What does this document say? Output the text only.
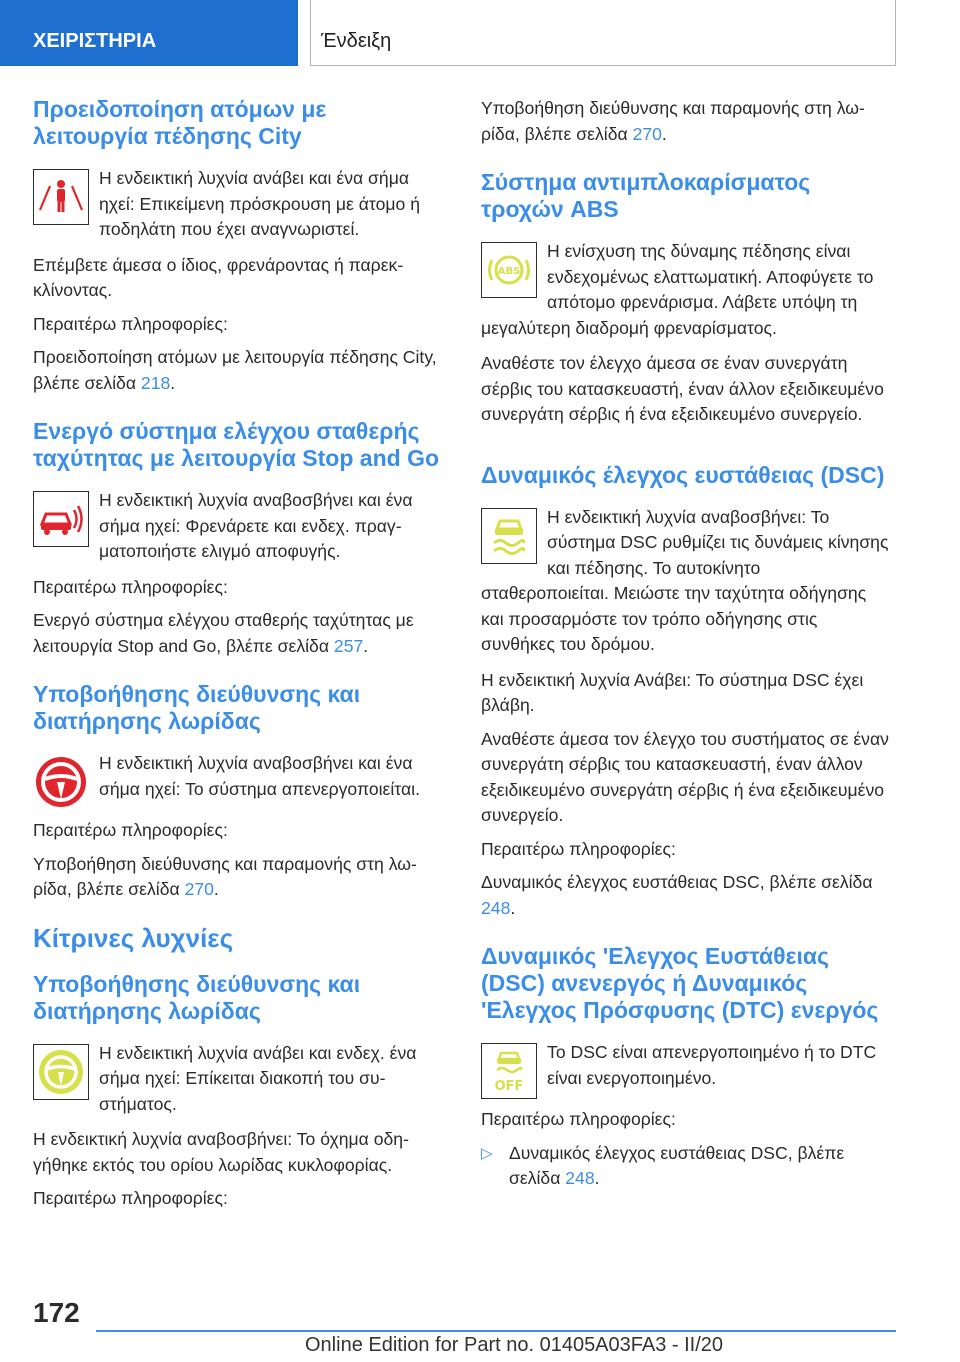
ΧΕΙΡΙΣΤΗΡΙΑ	Ένδειξη
Προειδοποίηση ατόμων με λειτουργία πέδησης City

Η ενδεικτική λυχνία ανάβει και ένα σήμα ηχεί: Επικείμενη πρόσκρουση με άτομο ή ποδηλάτη που έχει αναγνωριστεί.

Επέμβετε άμεσα ο ίδιος, φρενάροντας ή παρεκκλίνοντας.

Περαιτέρω πληροφορίες:

Προειδοποίηση ατόμων με λειτουργία πέδησης City, βλέπε σελίδα 218.

Ενεργό σύστημα ελέγχου σταθερής ταχύτητας με λειτουργία Stop and Go

Η ενδεικτική λυχνία αναβοσβήνει και ένα σήμα ηχεί: Φρενάρετε και ενδεχ. πραγματοποιήστε ελιγμό αποφυγής.

Περαιτέρω πληροφορίες:

Ενεργό σύστημα ελέγχου σταθερής ταχύτητας με λειτουργία Stop and Go, βλέπε σελίδα 257.

Υποβοήθησης διεύθυνσης και διατήρησης λωρίδας

Η ενδεικτική λυχνία αναβοσβήνει και ένα σήμα ηχεί: Το σύστημα απενεργοποιείται.

Περαιτέρω πληροφορίες:

Υποβοήθηση διεύθυνσης και παραμονής στη λωρίδα, βλέπε σελίδα 270.

Κίτρινες λυχνίες
Υποβοήθησης διεύθυνσης και διατήρησης λωρίδας

Η ενδεικτική λυχνία ανάβει και ενδεχ. ένα σήμα ηχεί: Επίκειται διακοπή του συστήματος.

Η ενδεικτική λυχνία αναβοσβήνει: Το όχημα οδηγήθηκε εκτός του ορίου λωρίδας κυκλοφορίας.

Περαιτέρω πληροφορίες:

Υποβοήθηση διεύθυνσης και παραμονής στη λωρίδα, βλέπε σελίδα 270.

Σύστημα αντιμπλοκαρίσματος τροχών ABS
ABS

Η ενίσχυση της δύναμης πέδησης είναι ενδεχομένως ελαττωματική. Αποφύγετε το απότομο φρενάρισμα. Λάβετε υπόψη τη μεγαλύτερη διαδρομή φρεναρίσματος.

Αναθέστε τον έλεγχο άμεσα σε έναν συνεργάτη σέρβις του κατασκευαστή, έναν άλλον εξειδικευμένο συνεργάτη σέρβις ή ένα εξειδικευμένο συνεργείο.

Δυναμικός έλεγχος ευστάθειας (DSC)

Η ενδεικτική λυχνία αναβοσβήνει: Το σύστημα DSC ρυθμίζει τις δυνάμεις κίνησης και πέδησης. Το αυτοκίνητο σταθεροποιείται. Μειώστε την ταχύτητα οδήγησης και προσαρμόστε τον τρόπο οδήγησης στις συνθήκες του δρόμου.

Η ενδεικτική λυχνία Ανάβει: Το σύστημα DSC έχει βλάβη.

Αναθέστε άμεσα τον έλεγχο του συστήματος σε έναν συνεργάτη σέρβις του κατασκευαστή, έναν άλλον εξειδικευμένο συνεργάτη σέρβις ή ένα εξειδικευμένο συνεργείο.

Περαιτέρω πληροφορίες:

Δυναμικός έλεγχος ευστάθειας DSC, βλέπε σελίδα 248.

Δυναμικός 'Ελεγχος Ευστάθειας (DSC) ανενεργός ή Δυναμικός 'Ελεγχος Πρόσφυσης (DTC) ενεργός
OFF

Το DSC είναι απενεργοποιημένο ή το DTC είναι ενεργοποιημένο.

Περαιτέρω πληροφορίες:

▷ Δυναμικός έλεγχος ευστάθειας DSC, βλέπε σελίδα 248.
172
Online Edition for Part no. 01405A03FA3 - II/20
